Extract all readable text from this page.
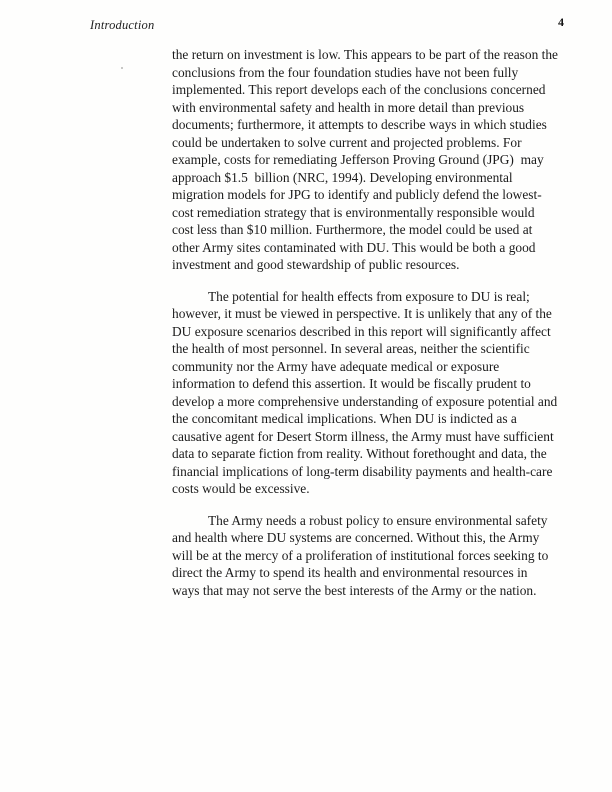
Introduction	4

the return on investment is low. This appears to be part of the reason the conclusions from the four foundation studies have not been fully implemented. This report develops each of the conclusions concerned with environmental safety and health in more detail than previous documents; furthermore, it attempts to describe ways in which studies could be undertaken to solve current and projected problems. For example, costs for remediating Jefferson Proving Ground (JPG)  may approach $1.5  billion (NRC, 1994). Developing environmental migration models for JPG to identify and publicly defend the lowest-cost remediation strategy that is environmentally responsible would cost less than $10 million. Furthermore, the model could be used at other Army sites contaminated with DU. This would be both a good investment and good stewardship of public resources.

The potential for health effects from exposure to DU is real; however, it must be viewed in perspective. It is unlikely that any of the DU exposure scenarios described in this report will significantly affect the health of most personnel. In several areas, neither the scientific community nor the Army have adequate medical or exposure information to defend this assertion. It would be fiscally prudent to develop a more comprehensive understanding of exposure potential and the concomitant medical implications. When DU is indicted as a causative agent for Desert Storm illness, the Army must have sufficient data to separate fiction from reality. Without forethought and data, the financial implications of long-term disability payments and health-care costs would be excessive.

The Army needs a robust policy to ensure environmental safety and health where DU systems are concerned. Without this, the Army will be at the mercy of a proliferation of institutional forces seeking to direct the Army to spend its health and environmental resources in ways that may not serve the best interests of the Army or the nation.
